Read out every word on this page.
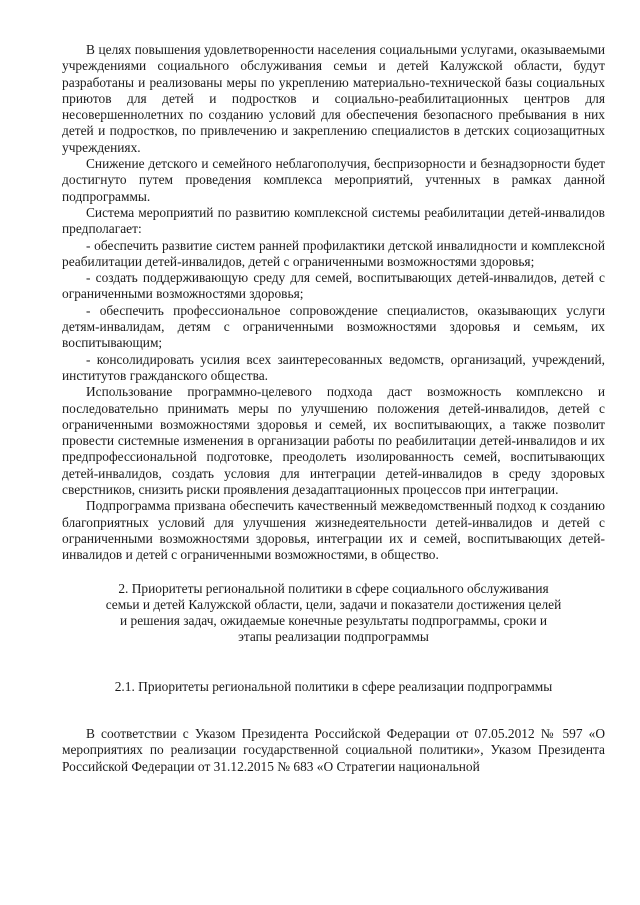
В целях повышения удовлетворенности населения социальными услугами, оказываемыми учреждениями социального обслуживания семьи и детей Калужской области, будут разработаны и реализованы меры по укреплению материально-технической базы социальных приютов для детей и подростков и социально-реабилитационных центров для несовершеннолетних по созданию условий для обеспечения безопасного пребывания в них детей и подростков, по привлечению и закреплению специалистов в детских социозащитных учреждениях.

Снижение детского и семейного неблагополучия, беспризорности и безнадзорности будет достигнуто путем проведения комплекса мероприятий, учтенных в рамках данной подпрограммы.

Система мероприятий по развитию комплексной системы реабилитации детей-инвалидов предполагает:

- обеспечить развитие систем ранней профилактики детской инвалидности и комплексной реабилитации детей-инвалидов, детей с ограниченными возможностями здоровья;

- создать поддерживающую среду для семей, воспитывающих детей-инвалидов, детей с ограниченными возможностями здоровья;

- обеспечить профессиональное сопровождение специалистов, оказывающих услуги детям-инвалидам, детям с ограниченными возможностями здоровья и семьям, их воспитывающим;

- консолидировать усилия всех заинтересованных ведомств, организаций, учреждений, институтов гражданского общества.

Использование программно-целевого подхода даст возможность комплексно и последовательно принимать меры по улучшению положения детей-инвалидов, детей с ограниченными возможностями здоровья и семей, их воспитывающих, а также позволит провести системные изменения в организации работы по реабилитации детей-инвалидов и их предпрофессиональной подготовке, преодолеть изолированность семей, воспитывающих детей-инвалидов, создать условия для интеграции детей-инвалидов в среду здоровых сверстников, снизить риски проявления дезадаптационных процессов при интеграции.

Подпрограмма призвана обеспечить качественный межведомственный подход к созданию благоприятных условий для улучшения жизнедеятельности детей-инвалидов и детей с ограниченными возможностями здоровья, интеграции их и семей, воспитывающих детей-инвалидов и детей с ограниченными возможностями, в общество.

2. Приоритеты региональной политики в сфере социального обслуживания семьи и детей Калужской области, цели, задачи и показатели достижения целей и решения задач, ожидаемые конечные результаты подпрограммы, сроки и этапы реализации подпрограммы

2.1. Приоритеты региональной политики в сфере реализации подпрограммы

В соответствии с Указом Президента Российской Федерации от 07.05.2012 № 597 «О мероприятиях по реализации государственной социальной политики», Указом Президента Российской Федерации от 31.12.2015 № 683 «О Стратегии национальной
